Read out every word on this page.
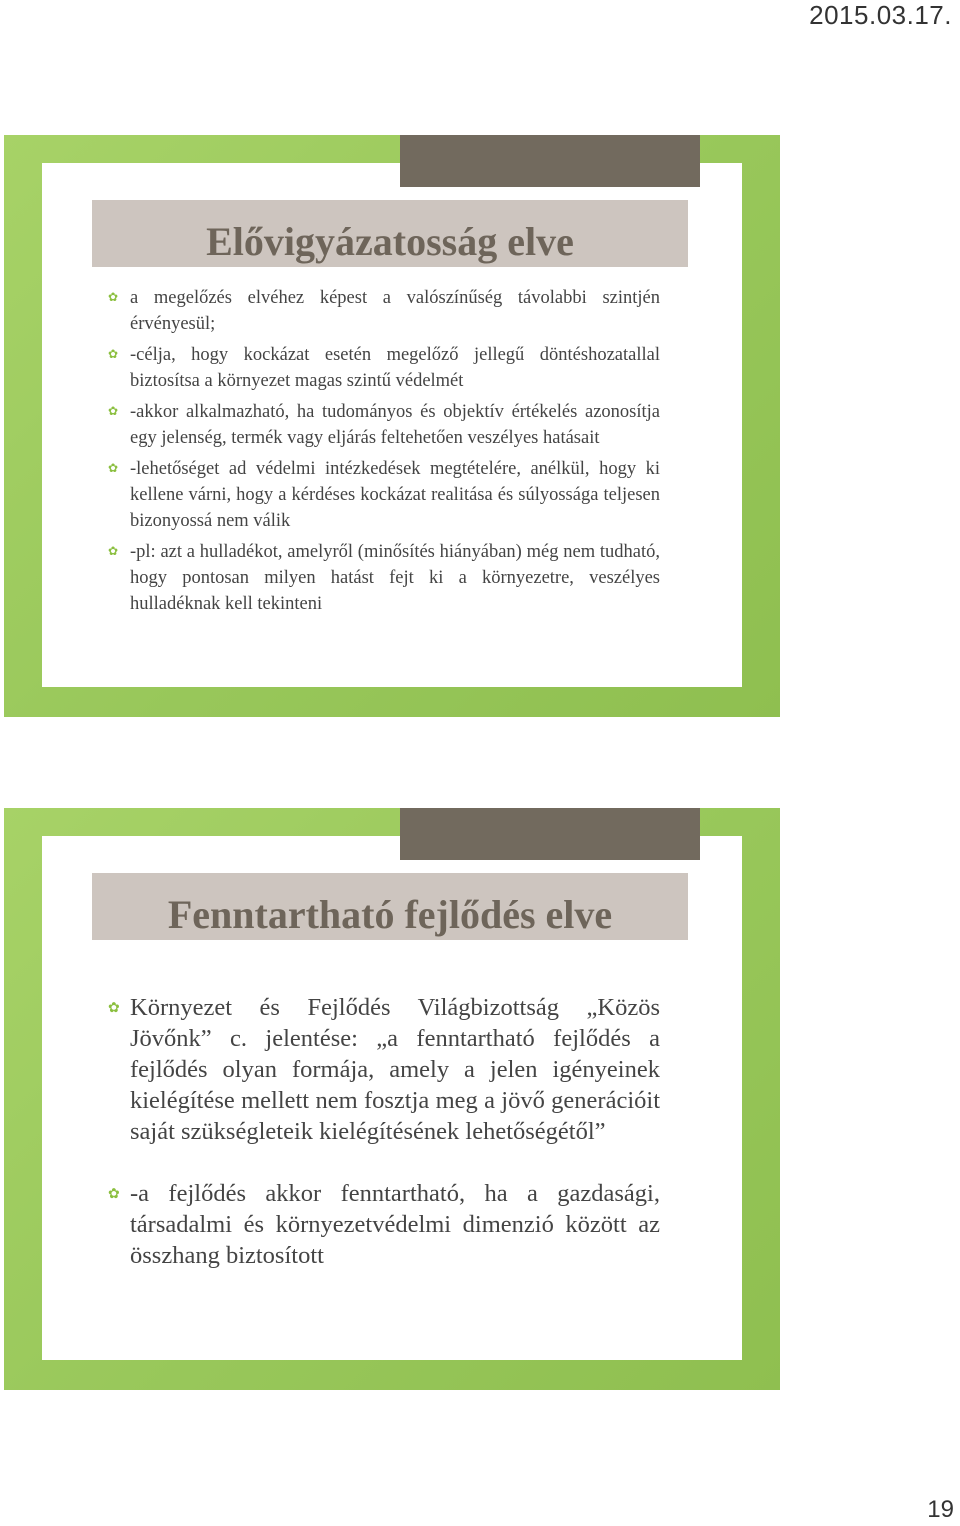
2015.03.17.
Elővigyázatosság elve
✿ a megelőzés elvéhez képest a valószínűség távolabbi szintjén érvényesül;
✿ -célja, hogy kockázat esetén megelőző jellegű döntéshozatallal biztosítsa a környezet magas szintű védelmét
✿ -akkor alkalmazható, ha tudományos és objektív értékelés azonosítja egy jelenség, termék vagy eljárás feltehetően veszélyes hatásait
✿ -lehetőséget ad védelmi intézkedések megtételére, anélkül, hogy ki kellene várni, hogy a kérdéses kockázat realitása és súlyossága teljesen bizonyossá nem válik
✿ -pl: azt a hulladékot, amelyről (minősítés hiányában) még nem tudható, hogy pontosan milyen hatást fejt ki a környezetre, veszélyes hulladéknak kell tekinteni
Fenntartható fejlődés elve
✿ Környezet és Fejlődés Világbizottság „Közös Jövőnk” c. jelentése: „a fenntartható fejlődés a fejlődés olyan formája, amely a jelen igényeinek kielégítése mellett nem fosztja meg a jövő generációit saját szükségleteik kielégítésének lehetőségétől”
✿ -a fejlődés akkor fenntartható, ha a gazdasági, társadalmi és környezetvédelmi dimenzió között az összhang biztosított
19
